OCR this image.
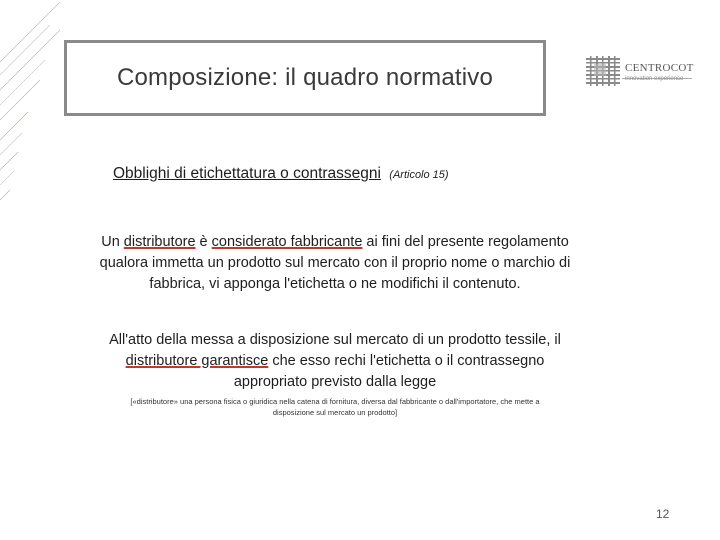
Composizione: il quadro normativo	CENTROCOT
innovation experience
Obblighi di etichettatura o contrassegni (Articolo 15)
Un distributore è considerato fabbricante ai fini del presente regolamento qualora immetta un prodotto sul mercato con il proprio nome o marchio di fabbrica, vi apponga l'etichetta o ne modifichi il contenuto.
All'atto della messa a disposizione sul mercato di un prodotto tessile, il distributore garantisce che esso rechi l'etichetta o il contrassegno appropriato previsto dalla legge
[«distributore» una persona fisica o giuridica nella catena di fornitura, diversa dal fabbricante o dall'importatore, che mette a disposizione sul mercato un prodotto]
12
